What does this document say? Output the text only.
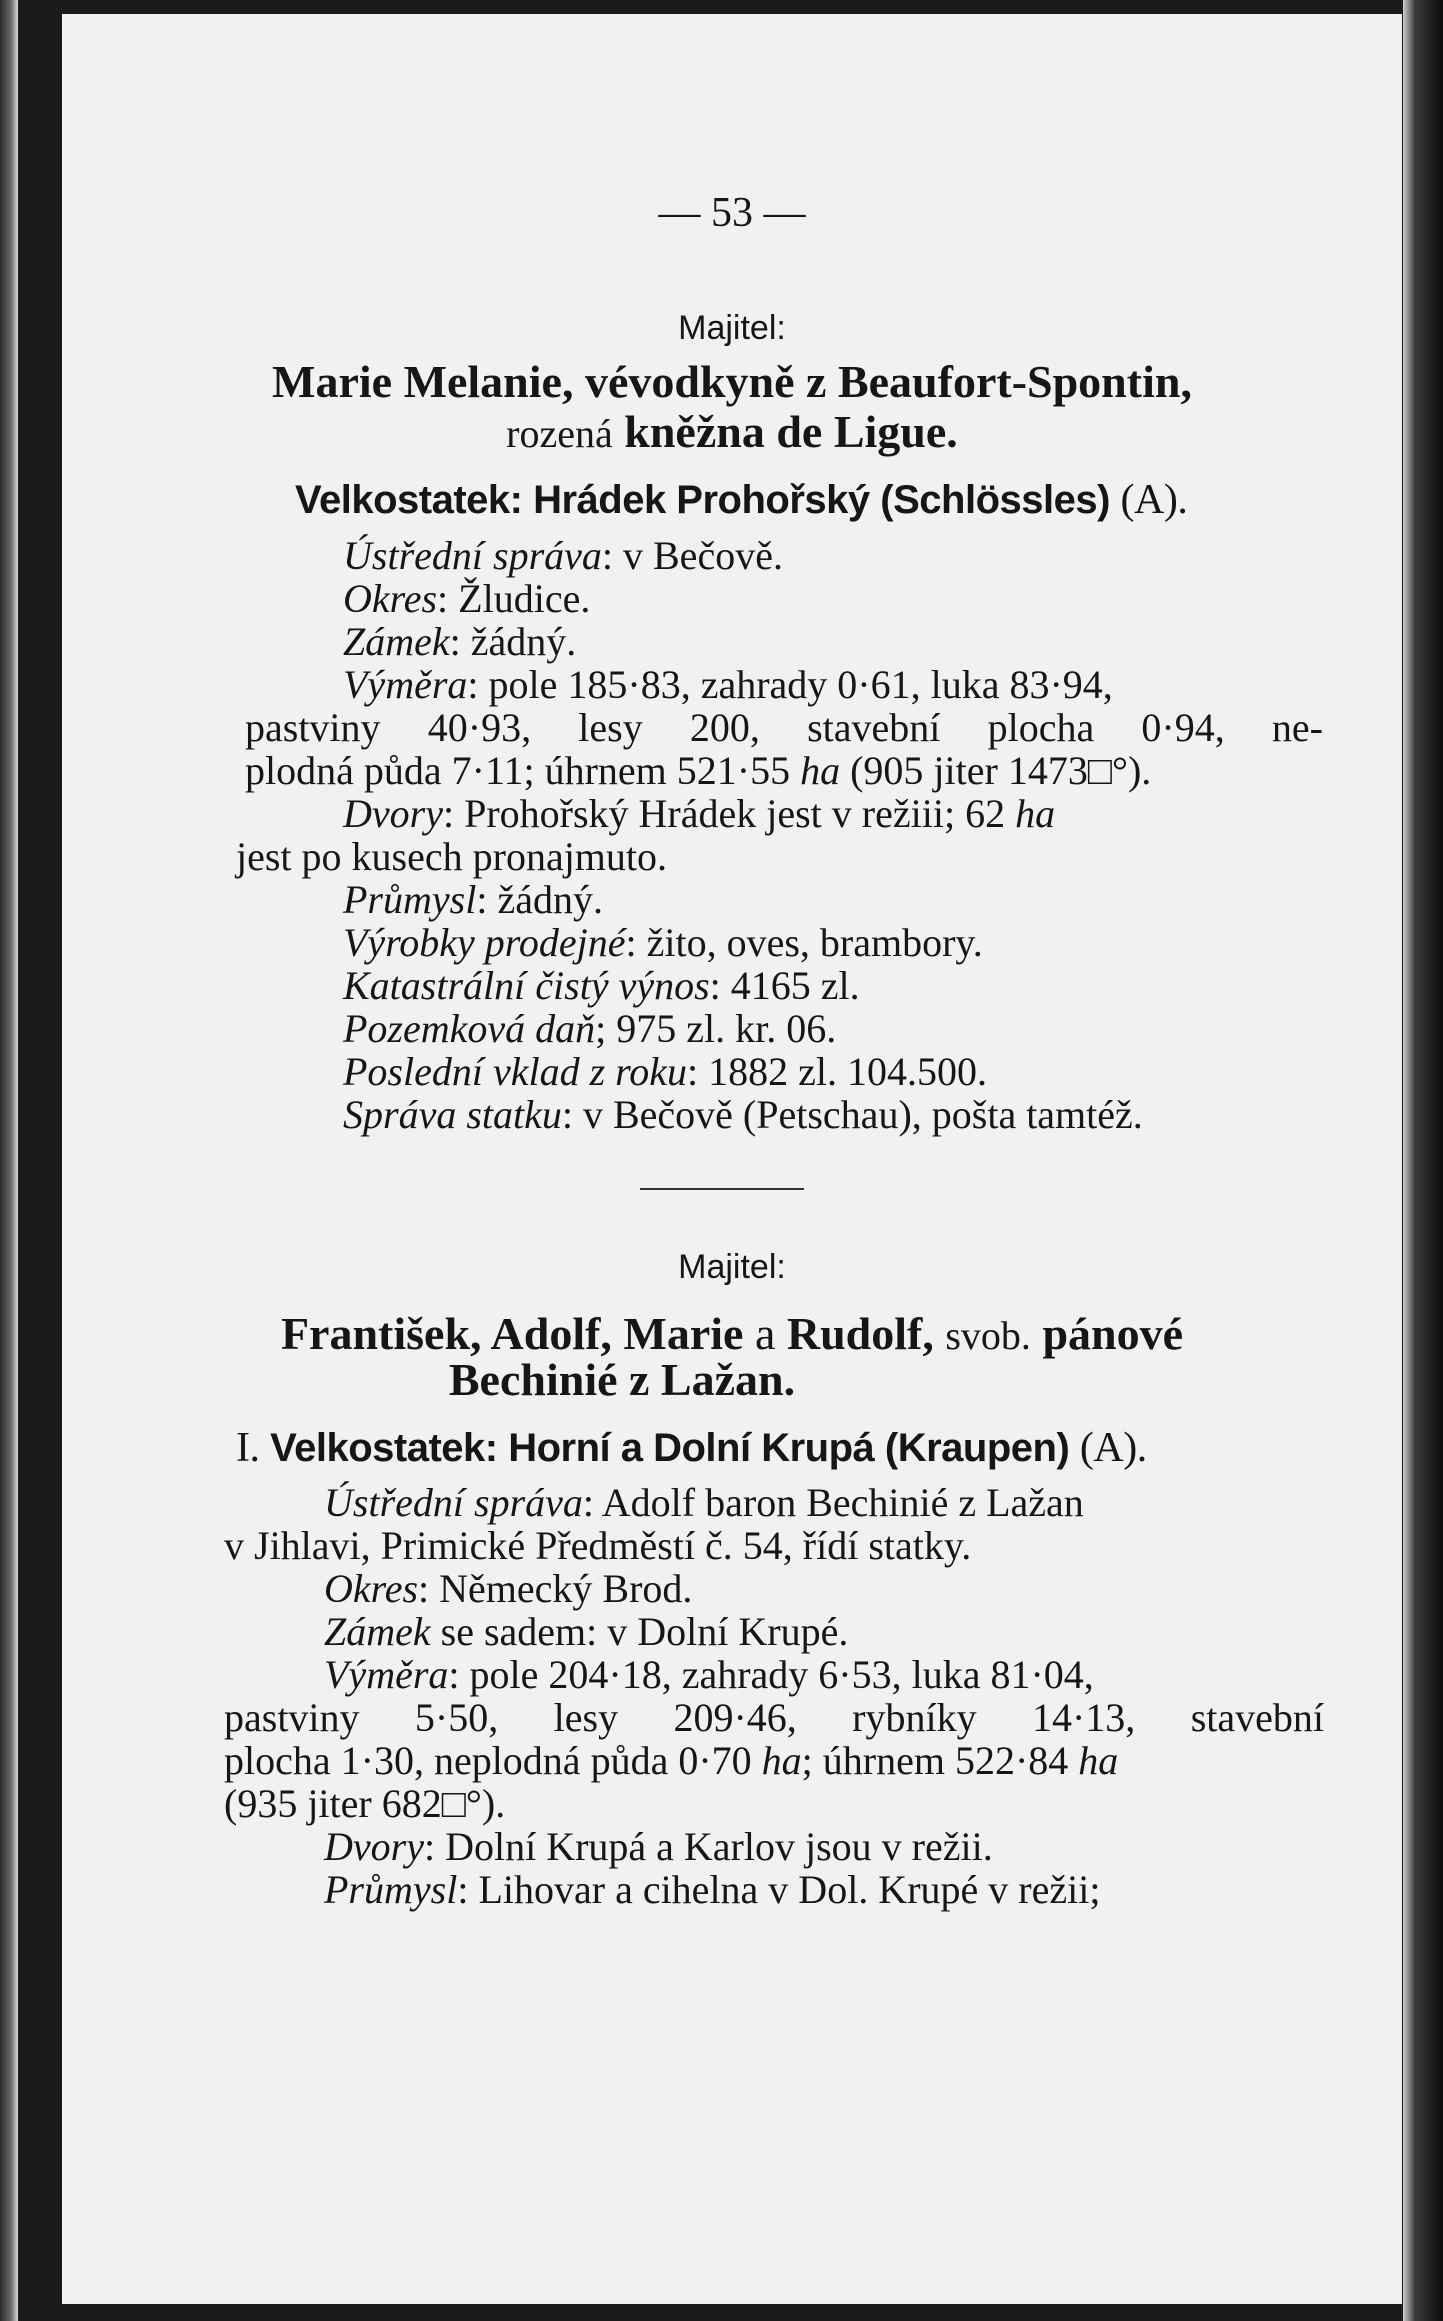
— 53 —
Majitel:
Marie Melanie, vévodkyně z Beaufort-Spontin,
rozená kněžna de Ligue.
Velkostatek: Hrádek Prohořský (Schlössles) (A).
Ústřední správa: v Bečově.
Okres: Žludice.
Zámek: žádný.
Výměra: pole 185·83, zahrady 0·61, luka 83·94,
pastviny 40·93, lesy 200, stavební plocha 0·94, ne-
plodná půda 7·11; úhrnem 521·55 ha (905 jiter 1473□°).
Dvory: Prohořský Hrádek jest v režiii; 62 ha
jest po kusech pronajmuto.
Průmysl: žádný.
Výrobky prodejné: žito, oves, brambory.
Katastrální čistý výnos: 4165 zl.
Pozemková daň; 975 zl. kr. 06.
Poslední vklad z roku: 1882 zl. 104.500.
Správa statku: v Bečově (Petschau), pošta tamtéž.
Majitel:
František, Adolf, Marie a Rudolf, svob. pánové
Bechinié z Lažan.
I. Velkostatek: Horní a Dolní Krupá (Kraupen) (A).
Ústřední správa: Adolf baron Bechinié z Lažan
v Jihlavi, Primické Předměstí č. 54, řídí statky.
Okres: Německý Brod.
Zámek se sadem: v Dolní Krupé.
Výměra: pole 204·18, zahrady 6·53, luka 81·04,
pastviny 5·50, lesy 209·46, rybníky 14·13, stavební
plocha 1·30, neplodná půda 0·70 ha; úhrnem 522·84 ha
(935 jiter 682□°).
Dvory: Dolní Krupá a Karlov jsou v režii.
Průmysl: Lihovar a cihelna v Dol. Krupé v režii;
